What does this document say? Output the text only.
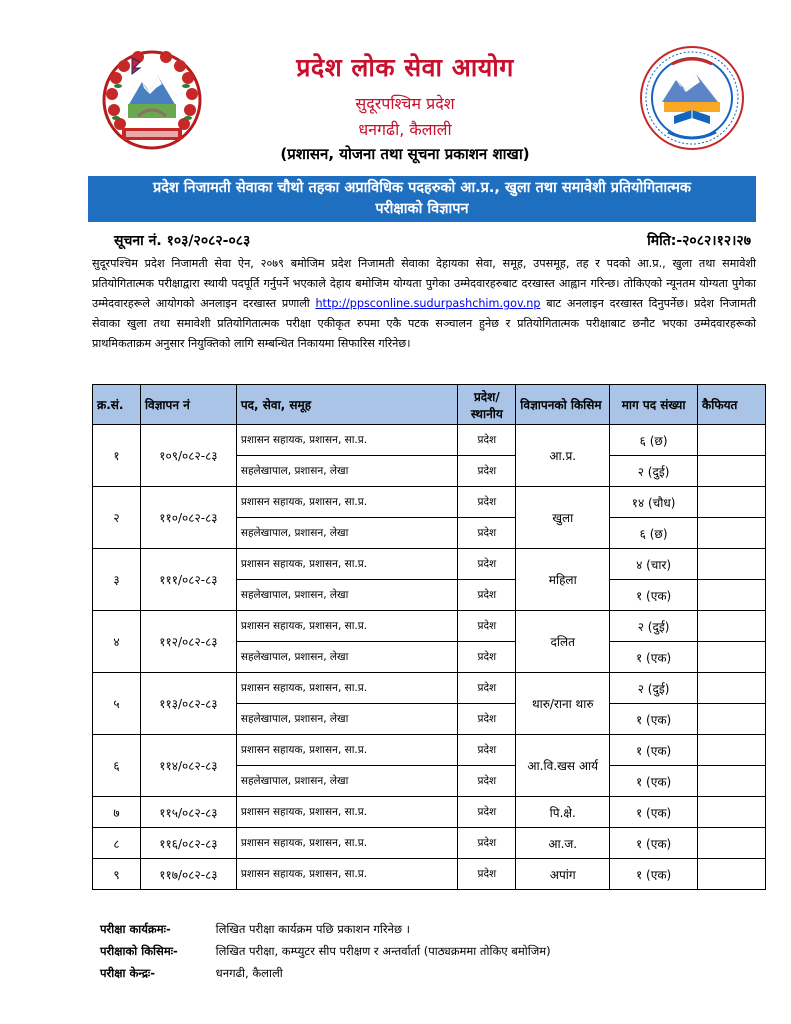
प्रदेश लोक सेवा आयोग
सुदूरपश्चिम प्रदेश
धनगढी, कैलाली
(प्रशासन, योजना तथा सूचना प्रकाशन शाखा)
प्रदेश निजामती सेवाका चौथो तहका अप्राविधिक पदहरुको आ.प्र., खुला तथा समावेशी प्रतियोगितात्मक
परीक्षाको विज्ञापन
सूचना नं. १०३/२०८२-०८३	मिति:-२०८२।१२।२७
सुदूरपश्चिम प्रदेश निजामती सेवा ऐन, २०७९ बमोजिम प्रदेश निजामती सेवाका देहायका सेवा, समूह, उपसमूह, तह र पदको आ.प्र., खुला तथा समावेशी प्रतियोगितात्मक परीक्षाद्वारा स्थायी पदपूर्ति गर्नुपर्ने भएकाले देहाय बमोजिम योग्यता पुगेका उम्मेदवारहरुबाट दरखास्त आह्वान गरिन्छ। तोकिएको न्यूनतम योग्यता पुगेका उम्मेदवारहरूले आयोगको अनलाइन दरखास्त प्रणाली http://ppsconline.sudurpashchim.gov.np बाट अनलाइन दरखास्त दिनुपर्नेछ। प्रदेश निजामती सेवाका खुला तथा समावेशी प्रतियोगितात्मक परीक्षा एकीकृत रुपमा एकै पटक सञ्चालन हुनेछ र प्रतियोगितात्मक परीक्षाबाट छनौट भएका उम्मेदवारहरूको प्राथमिकताक्रम अनुसार नियुक्तिको लागि सम्बन्धित निकायमा सिफारिस गरिनेछ।
क्र.सं.	विज्ञापन नं	पद, सेवा, समूह	प्रदेश/ स्थानीय	विज्ञापनको किसिम	माग पद संख्या	कैफियत
१	१०९/०८२-८३	प्रशासन सहायक, प्रशासन, सा.प्र.	प्रदेश	आ.प्र.	६ (छ)	
		सहलेखापाल, प्रशासन, लेखा	प्रदेश		२ (दुई)	
२	११०/०८२-८३	प्रशासन सहायक, प्रशासन, सा.प्र.	प्रदेश	खुला	१४ (चौध)	
		सहलेखापाल, प्रशासन, लेखा	प्रदेश		६ (छ)	
३	१११/०८२-८३	प्रशासन सहायक, प्रशासन, सा.प्र.	प्रदेश	महिला	४ (चार)	
		सहलेखापाल, प्रशासन, लेखा	प्रदेश		१ (एक)	
४	११२/०८२-८३	प्रशासन सहायक, प्रशासन, सा.प्र.	प्रदेश	दलित	२ (दुई)	
		सहलेखापाल, प्रशासन, लेखा	प्रदेश		१ (एक)	
५	११३/०८२-८३	प्रशासन सहायक, प्रशासन, सा.प्र.	प्रदेश	थारु/राना थारु	२ (दुई)	
		सहलेखापाल, प्रशासन, लेखा	प्रदेश		१ (एक)	
६	११४/०८२-८३	प्रशासन सहायक, प्रशासन, सा.प्र.	प्रदेश	आ.वि.खस आर्य	१ (एक)	
		सहलेखापाल, प्रशासन, लेखा	प्रदेश		१ (एक)	
७	११५/०८२-८३	प्रशासन सहायक, प्रशासन, सा.प्र.	प्रदेश	पि.क्षे.	१ (एक)	
८	११६/०८२-८३	प्रशासन सहायक, प्रशासन, सा.प्र.	प्रदेश	आ.ज.	१ (एक)	
९	११७/०८२-८३	प्रशासन सहायक, प्रशासन, सा.प्र.	प्रदेश	अपांग	१ (एक)	
परीक्षा कार्यक्रमः-	लिखित परीक्षा कार्यक्रम पछि प्रकाशन गरिनेछ ।
परीक्षाको किसिमः-	लिखित परीक्षा, कम्प्युटर सीप परीक्षण र अन्तर्वार्ता (पाठ्यक्रममा तोकिए बमोजिम)
परीक्षा केन्द्रः-	धनगढी, कैलाली
